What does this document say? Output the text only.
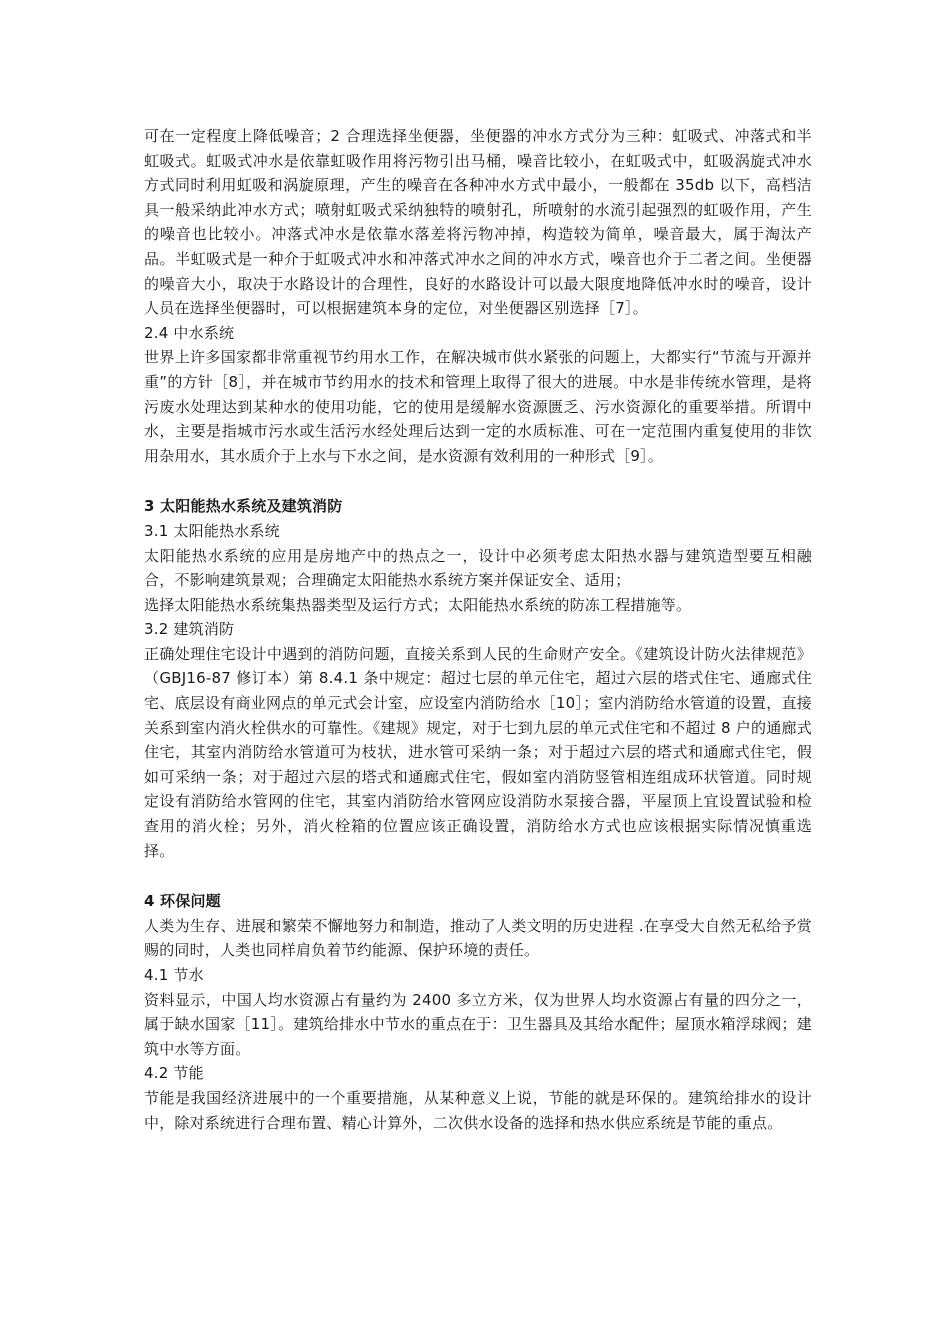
可在一定程度上降低噪音；2 合理选择坐便器，坐便器的冲水方式分为三种：虹吸式、冲落式和半虹吸式。虹吸式冲水是依靠虹吸作用将污物引出马桶，噪音比较小，在虹吸式中，虹吸涡旋式冲水方式同时利用虹吸和涡旋原理，产生的噪音在各种冲水方式中最小，一般都在 35db 以下，高档洁具一般采纳此冲水方式；喷射虹吸式采纳独特的喷射孔，所喷射的水流引起强烈的虹吸作用，产生的噪音也比较小。冲落式冲水是依靠水落差将污物冲掉，构造较为简单，噪音最大，属于淘汰产品。半虹吸式是一种介于虹吸式冲水和冲落式冲水之间的冲水方式，噪音也介于二者之间。坐便器的噪音大小，取决于水路设计的合理性，良好的水路设计可以最大限度地降低冲水时的噪音，设计人员在选择坐便器时，可以根据建筑本身的定位，对坐便器区别选择［7］。

2.4 中水系统

世界上许多国家都非常重视节约用水工作，在解决城市供水紧张的问题上，大都实行“节流与开源并重”的方针［8］，并在城市节约用水的技术和管理上取得了很大的进展。中水是非传统水管理，是将污废水处理达到某种水的使用功能，它的使用是缓解水资源匮乏、污水资源化的重要举措。所谓中水，主要是指城市污水或生活污水经处理后达到一定的水质标准、可在一定范围内重复使用的非饮用杂用水，其水质介于上水与下水之间，是水资源有效利用的一种形式［9］。

3 太阳能热水系统及建筑消防
3.1 太阳能热水系统

太阳能热水系统的应用是房地产中的热点之一，设计中必须考虑太阳热水器与建筑造型要互相融合，不影响建筑景观；合理确定太阳能热水系统方案并保证安全、适用；

选择太阳能热水系统集热器类型及运行方式；太阳能热水系统的防冻工程措施等。

3.2 建筑消防

正确处理住宅设计中遇到的消防问题，直接关系到人民的生命财产安全。《建筑设计防火法律规范》（GBJ16-87 修订本）第 8.4.1 条中规定：超过七层的单元住宅，超过六层的塔式住宅、通廊式住宅、底层设有商业网点的单元式会计室，应设室内消防给水［10］；室内消防给水管道的设置，直接关系到室内消火栓供水的可靠性。《建规》规定，对于七到九层的单元式住宅和不超过 8 户的通廊式住宅，其室内消防给水管道可为枝状，进水管可采纳一条；对于超过六层的塔式和通廊式住宅，假如可采纳一条；对于超过六层的塔式和通廊式住宅，假如室内消防竖管相连组成环状管道。同时规定设有消防给水管网的住宅，其室内消防给水管网应设消防水泵接合器，平屋顶上宜设置试验和检查用的消火栓；另外，消火栓箱的位置应该正确设置，消防给水方式也应该根据实际情况慎重选择。

4 环保问题

人类为生存、进展和繁荣不懈地努力和制造，推动了人类文明的历史进程 .在享受大自然无私给予赏赐的同时，人类也同样肩负着节约能源、保护环境的责任。

4.1 节水

资料显示，中国人均水资源占有量约为 2400 多立方米，仅为世界人均水资源占有量的四分之一，属于缺水国家［11］。建筑给排水中节水的重点在于：卫生器具及其给水配件；屋顶水箱浮球阀；建筑中水等方面。

4.2 节能

节能是我国经济进展中的一个重要措施，从某种意义上说，节能的就是环保的。建筑给排水的设计中，除对系统进行合理布置、精心计算外，二次供水设备的选择和热水供应系统是节能的重点。
